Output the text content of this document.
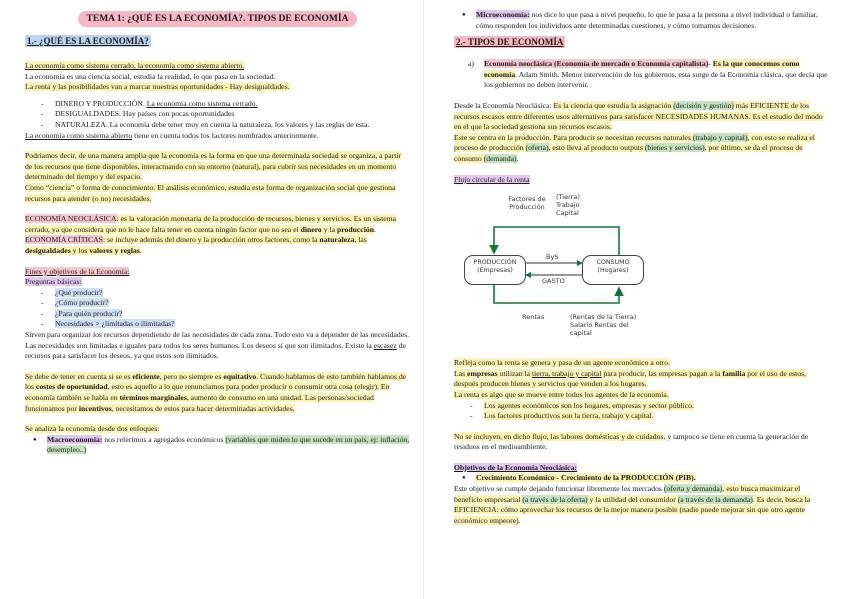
TEMA 1: ¿QUÉ ES LA ECONOMÍA?. TIPOS DE ECONOMÍA
1.- ¿QUÉ ES LA ECONOMÍA?

La economía como sistema cerrado, la economía como sistema abierto.

La economía es una ciencia social, estudia la realidad, lo que pasa en la sociedad.

La renta y las posibilidades van a marcar nuestras oportunidades - Hay desigualdades.

- DINERO Y PRODUCCIÓN. La economía como sistema cerrado.
- DESIGUALDADES. Hay países con pocas oportunidades
- NATURALEZA. La economía debe tener muy en cuenta la naturaleza, los valores y las reglas de esta.

La economía como sistema abierto tiene en cuenta todos los factores nombrados anteriormente.

Podríamos decir, de una manera amplia que la economía es la forma en que una determinada sociedad se organiza, a partir de los recursos que tiene disponibles, interactuando con su entorno (natural), para cubrir sus necesidades en un momento determinado del tiempo y del espacio.

Como “ciencia” o forma de conocimiento. El análisis económico, estudia esta forma de organización social que gestiona recursos para atender (o no) necesidades.

ECONOMÍA NEOCLÁSICA: es la valoración monetaria de la producción de recursos, bienes y servicios. Es un sistema cerrado, ya que considera que no le hace falta tener en cuenta ningún factor que no sea el dinero y la producción.

ECONOMÍA CRÍTICAS: se incluye además del dinero y la producción otros factores, como la naturaleza, las desigualdades y los valores y reglas.

Fines y objetivos de la Economía:

Preguntas básicas:

- ¿Qué producir?
- ¿Cómo producir?
- ¿Para quién producir?
- Necesidades > ¿limitadas o ilimitadas?

Sirven para organizar los recursos dependiendo de las necesidades de cada zona. Todo esto va a depender de las necesidades. Las necesidades son limitadas e iguales para todos los seres humanos. Los deseos sí que son ilimitados. Existe la escasez de recursos para satisfacer los deseos, ya que estos son ilimitados.

Se debe de tener en cuenta si se es eficiente, pero no siempre es equitativo. Cuando hablamos de esto también hablamos de los costes de oportunidad, esto es aquello a lo que renunciamos para poder producir o consumir otra cosa (elegir). En economía también se habla en términos marginales, aumento de consumo en una unidad. Las personas/sociedad funcionamos por incentivos, necesitamos de estos para hacer determinadas actividades.

Se analiza la economía desde dos enfoques:

● Macroeconomía: nos referimos a agregados económicos (variables que miden lo que sucede en un país, ej: inflación, desempleo..)
● Microeconomía: nos dice lo que pasa a nivel pequeño, lo que le pasa a la persona a nivel individual o familiar, cómo responden los individuos ante determinadas cuestiones, y cómo tomamos decisiones.
2.- TIPOS DE ECONOMÍA
a) Economía neoclásica (Economía de mercado o Economía capitalista)- Es la que conocemos como economía. Adam Smith. Menor intervención de los gobiernos, esta surge de la Economía clásica, que decía que los gobiernos no deben intervenir.

Desde la Economía Neoclásica: Es la ciencia que estudia la asignación (decisión y gestión) más EFICIENTE de los recursos escasos entre diferentes usos alternativos para satisfacer NECESIDADES HUMANAS. Es el estudio del modo en el que la sociedad gestiona sus recursos escasos.

Este se centra en la producción. Para producir se necesitan recursos naturales (trabajo y capital), con esto se realiza el proceso de producción (oferta), esto lleva al producto outputs (bienes y servicios), por último, se da el proceso de consumo (demanda).

Flujo circular de la renta

Factores de Producción
(Tierra) Trabajo Capital
PRODUCCIÓN (Empresas)
CONSUMO (Hogares)
ByS
GASTO
Rentas	(Rentas de la Tierra) Salario Rentas del capital

Refleja como la renta se genera y pasa de un agente económico a otro.

Las empresas utilizan la tierra, trabajo y capital para producir, las empresas pagan a la familia por el uso de estos, después producen bienes y servicios que venden a los hogares.

La renta es algo que se mueve entre todos los agentes de la economía.

- Los agentes económicos son los hogares, empresas y sector público.
- Los factores productivos son la tierra, trabajo y capital.

No se incluyen, en dicho flujo, las labores domésticas y de cuidados, y tampoco se tiene en cuenta la generación de residuos en el medioambiente.

Objetivos de la Economía Neoclásica:

● Crecimiento Económico - Crecimiento de la PRODUCCIÓN (PIB).

Este objetivo se cumple dejando funcionar libremente los mercados (oferta y demanda), esto busca maximizar el beneficio empresarial (a través de la oferta) y la utilidad del consumidor (a través de la demanda). Es decir, busca la EFICIENCIA: cómo aprovechar los recursos de la mejor manera posible (nadie puede mejorar sin que otro agente económico empeore).
